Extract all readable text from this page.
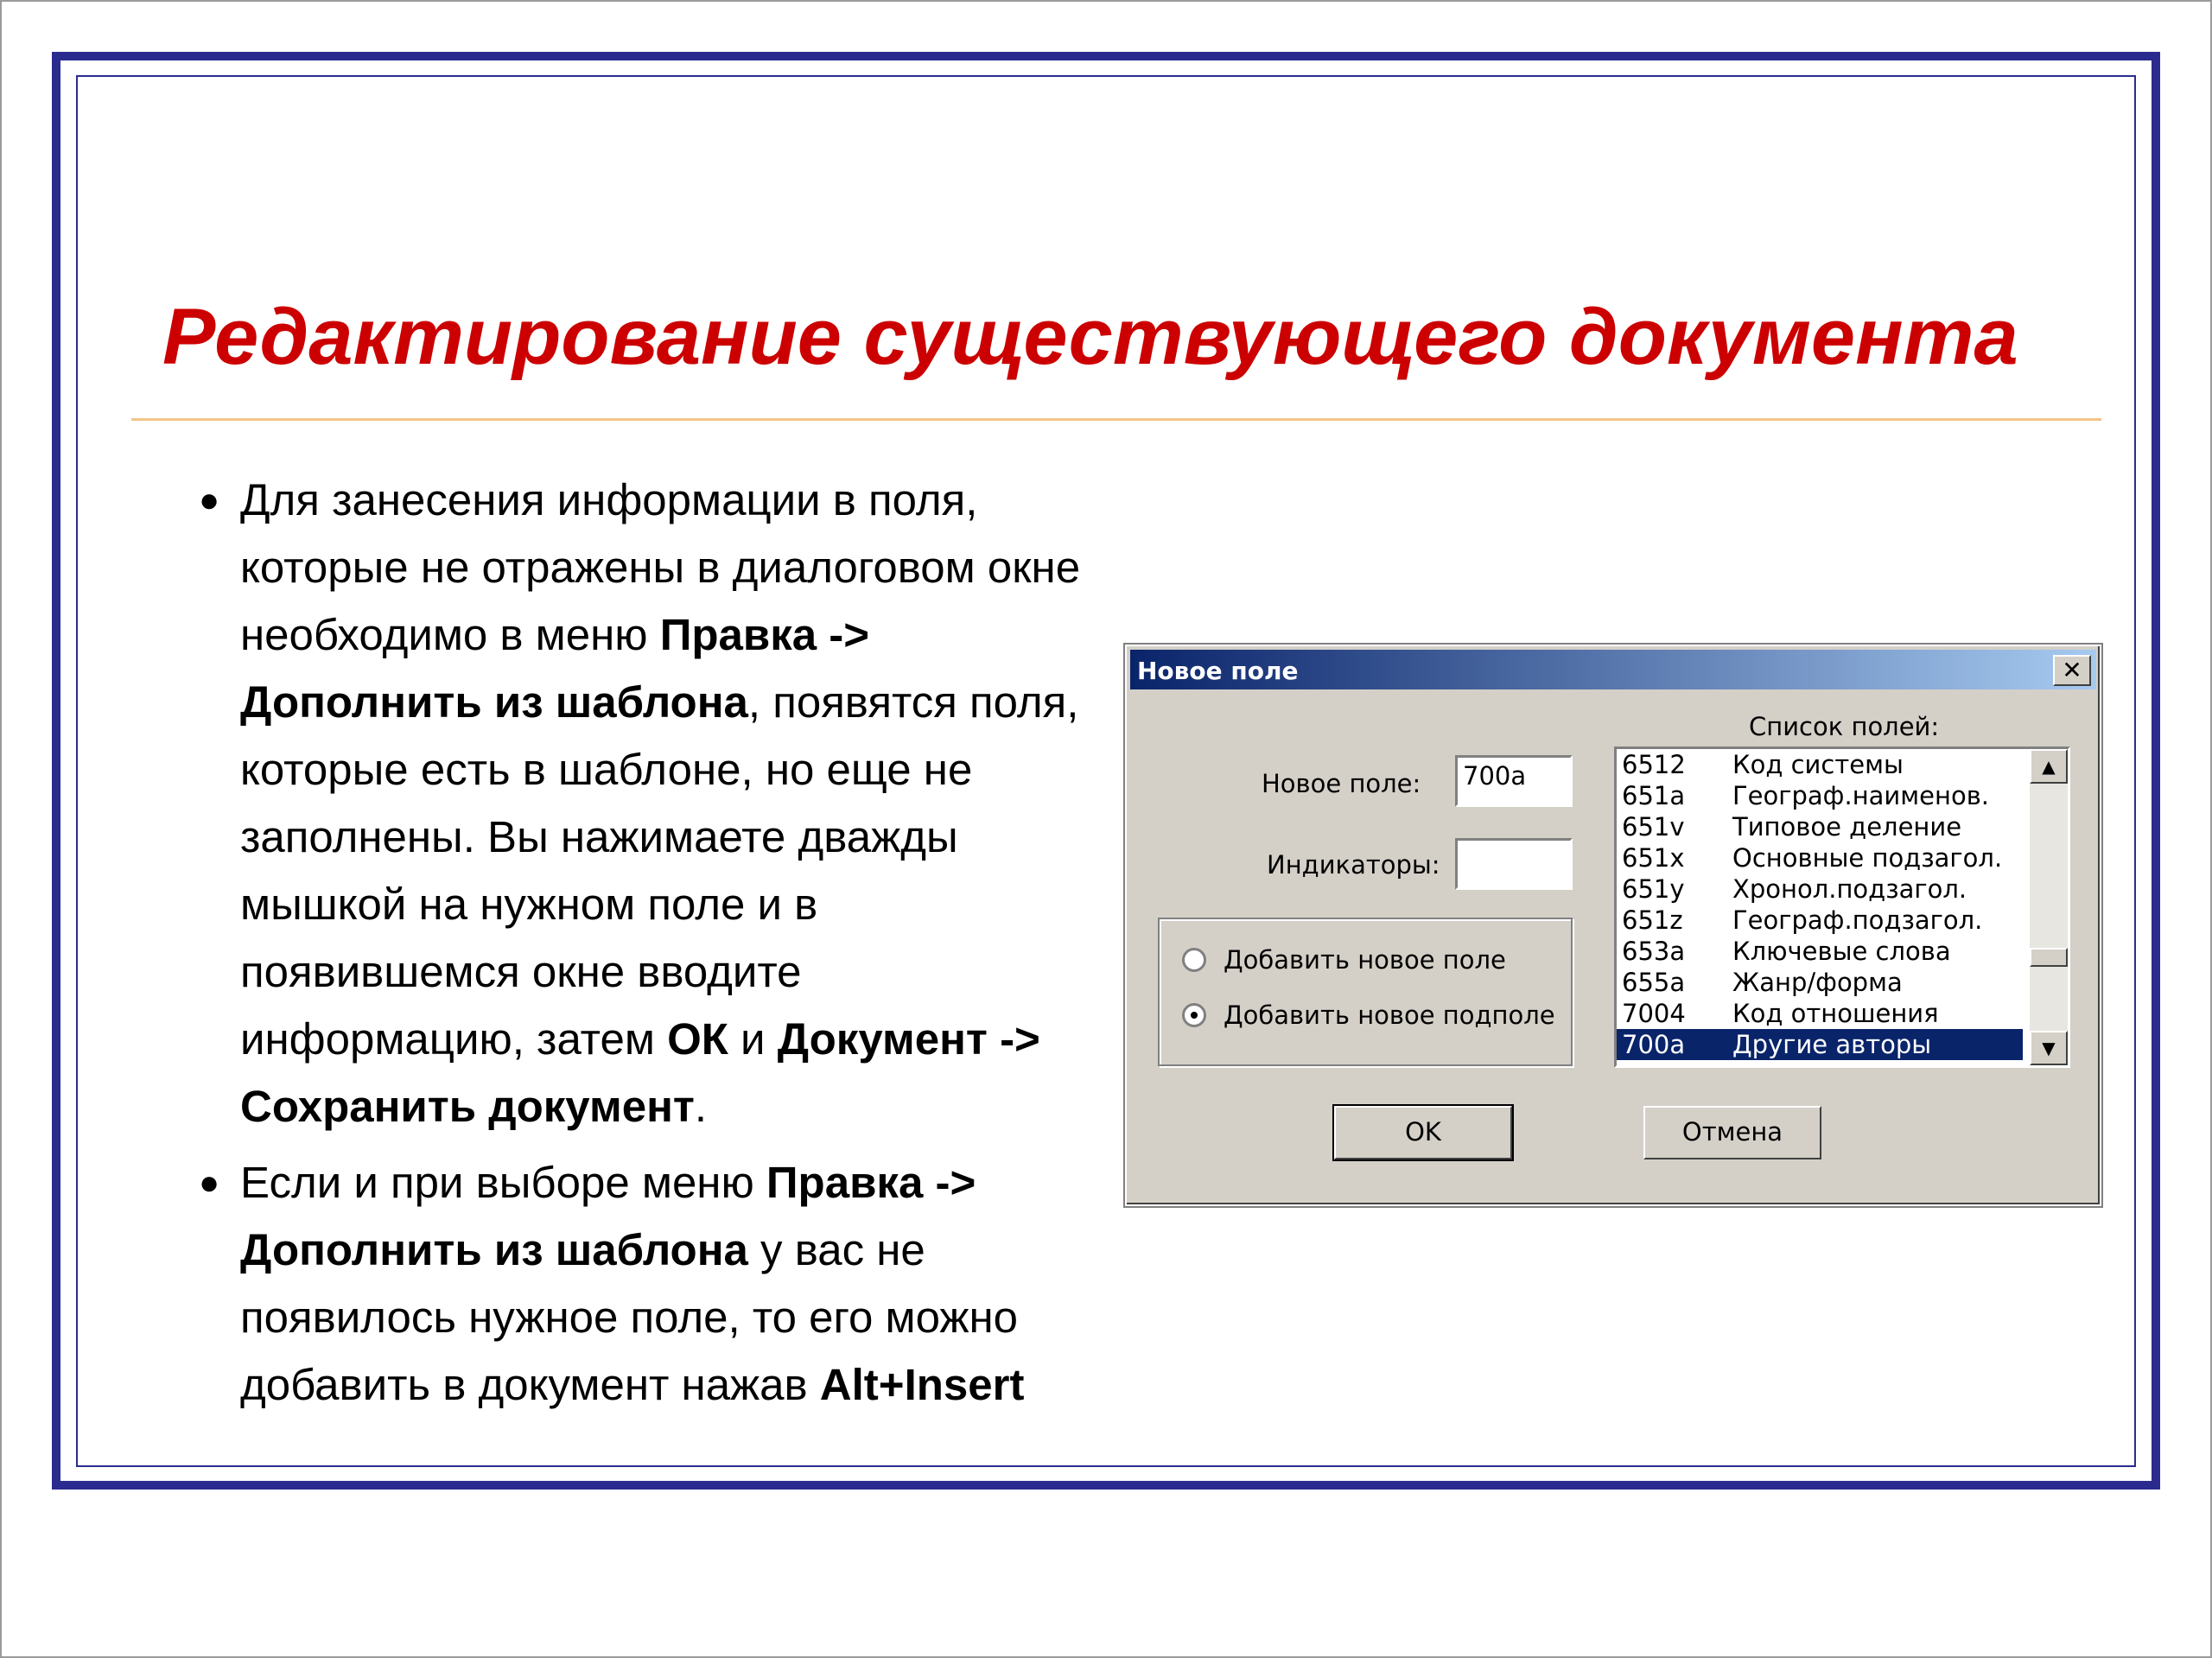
Редактирование существующего документа
● Для занесения информации в поля, которые не отражены в диалоговом окне необходимо в меню Правка -> Дополнить из шаблона, появятся поля, которые есть в шаблоне, но еще не заполнены. Вы нажимаете дважды мышкой на нужном поле и в появившемся окне вводите информацию, затем ОК и Документ -> Сохранить документ.
● Если и при выборе меню Правка -> Дополнить из шаблона у вас не появилось нужное поле, то его можно добавить в документ нажав Alt+Insert
Новое поле	✕
Новое поле:	700a
Индикаторы:
Добавить новое поле
Добавить новое подполе
Список полей:
6512	Код системы
651a	Географ.наименов.
651v	Типовое деление
651x	Основные подзагол.
651y	Хронол.подзагол.
651z	Географ.подзагол.
653a	Ключевые слова
655a	Жанр/форма
7004	Код отношения
700a	Другие авторы
▲
▼
OK	Отмена
